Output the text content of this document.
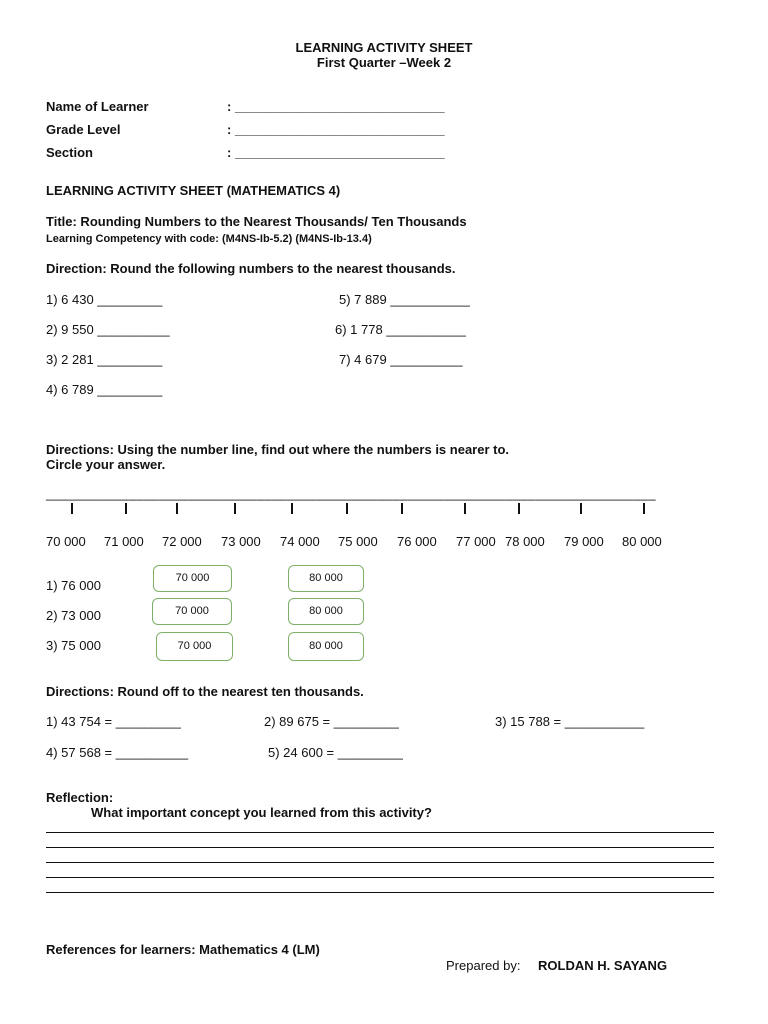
LEARNING ACTIVITY SHEET
First Quarter –Week 2
Name of Learner	: _____________________________
Grade Level	: _____________________________
Section	: _____________________________
LEARNING ACTIVITY SHEET (MATHEMATICS 4)
Title: Rounding Numbers to the Nearest Thousands/ Ten Thousands
Learning Competency with code: (M4NS-Ib-5.2) (M4NS-Ib-13.4)
Direction: Round the following numbers to the nearest thousands.
1) 6 430 _________
2) 9 550 __________
3) 2 281 _________
4) 6 789 _________
5) 7 889 ___________
6) 1 778 ___________
7) 4 679 __________
Directions: Using the number line, find out where the numbers is nearer to.
Circle your answer.
_________________________________________________________________________________
70 000 71 000 72 000 73 000 74 000 75 000 76 000 77 000 78 000 79 000 80 000
1) 76 000	70 000	80 000
2) 73 000	70 000	80 000
3) 75 000	70 000	80 000
Directions: Round off to the nearest ten thousands.
1) 43 754 = _________	2) 89 675 = _________	3) 15 788 = ___________
4) 57 568 = __________	5) 24 600 = _________
Reflection:
What important concept you learned from this activity?
References for learners: Mathematics 4 (LM)
Prepared by: ROLDAN H. SAYANG
